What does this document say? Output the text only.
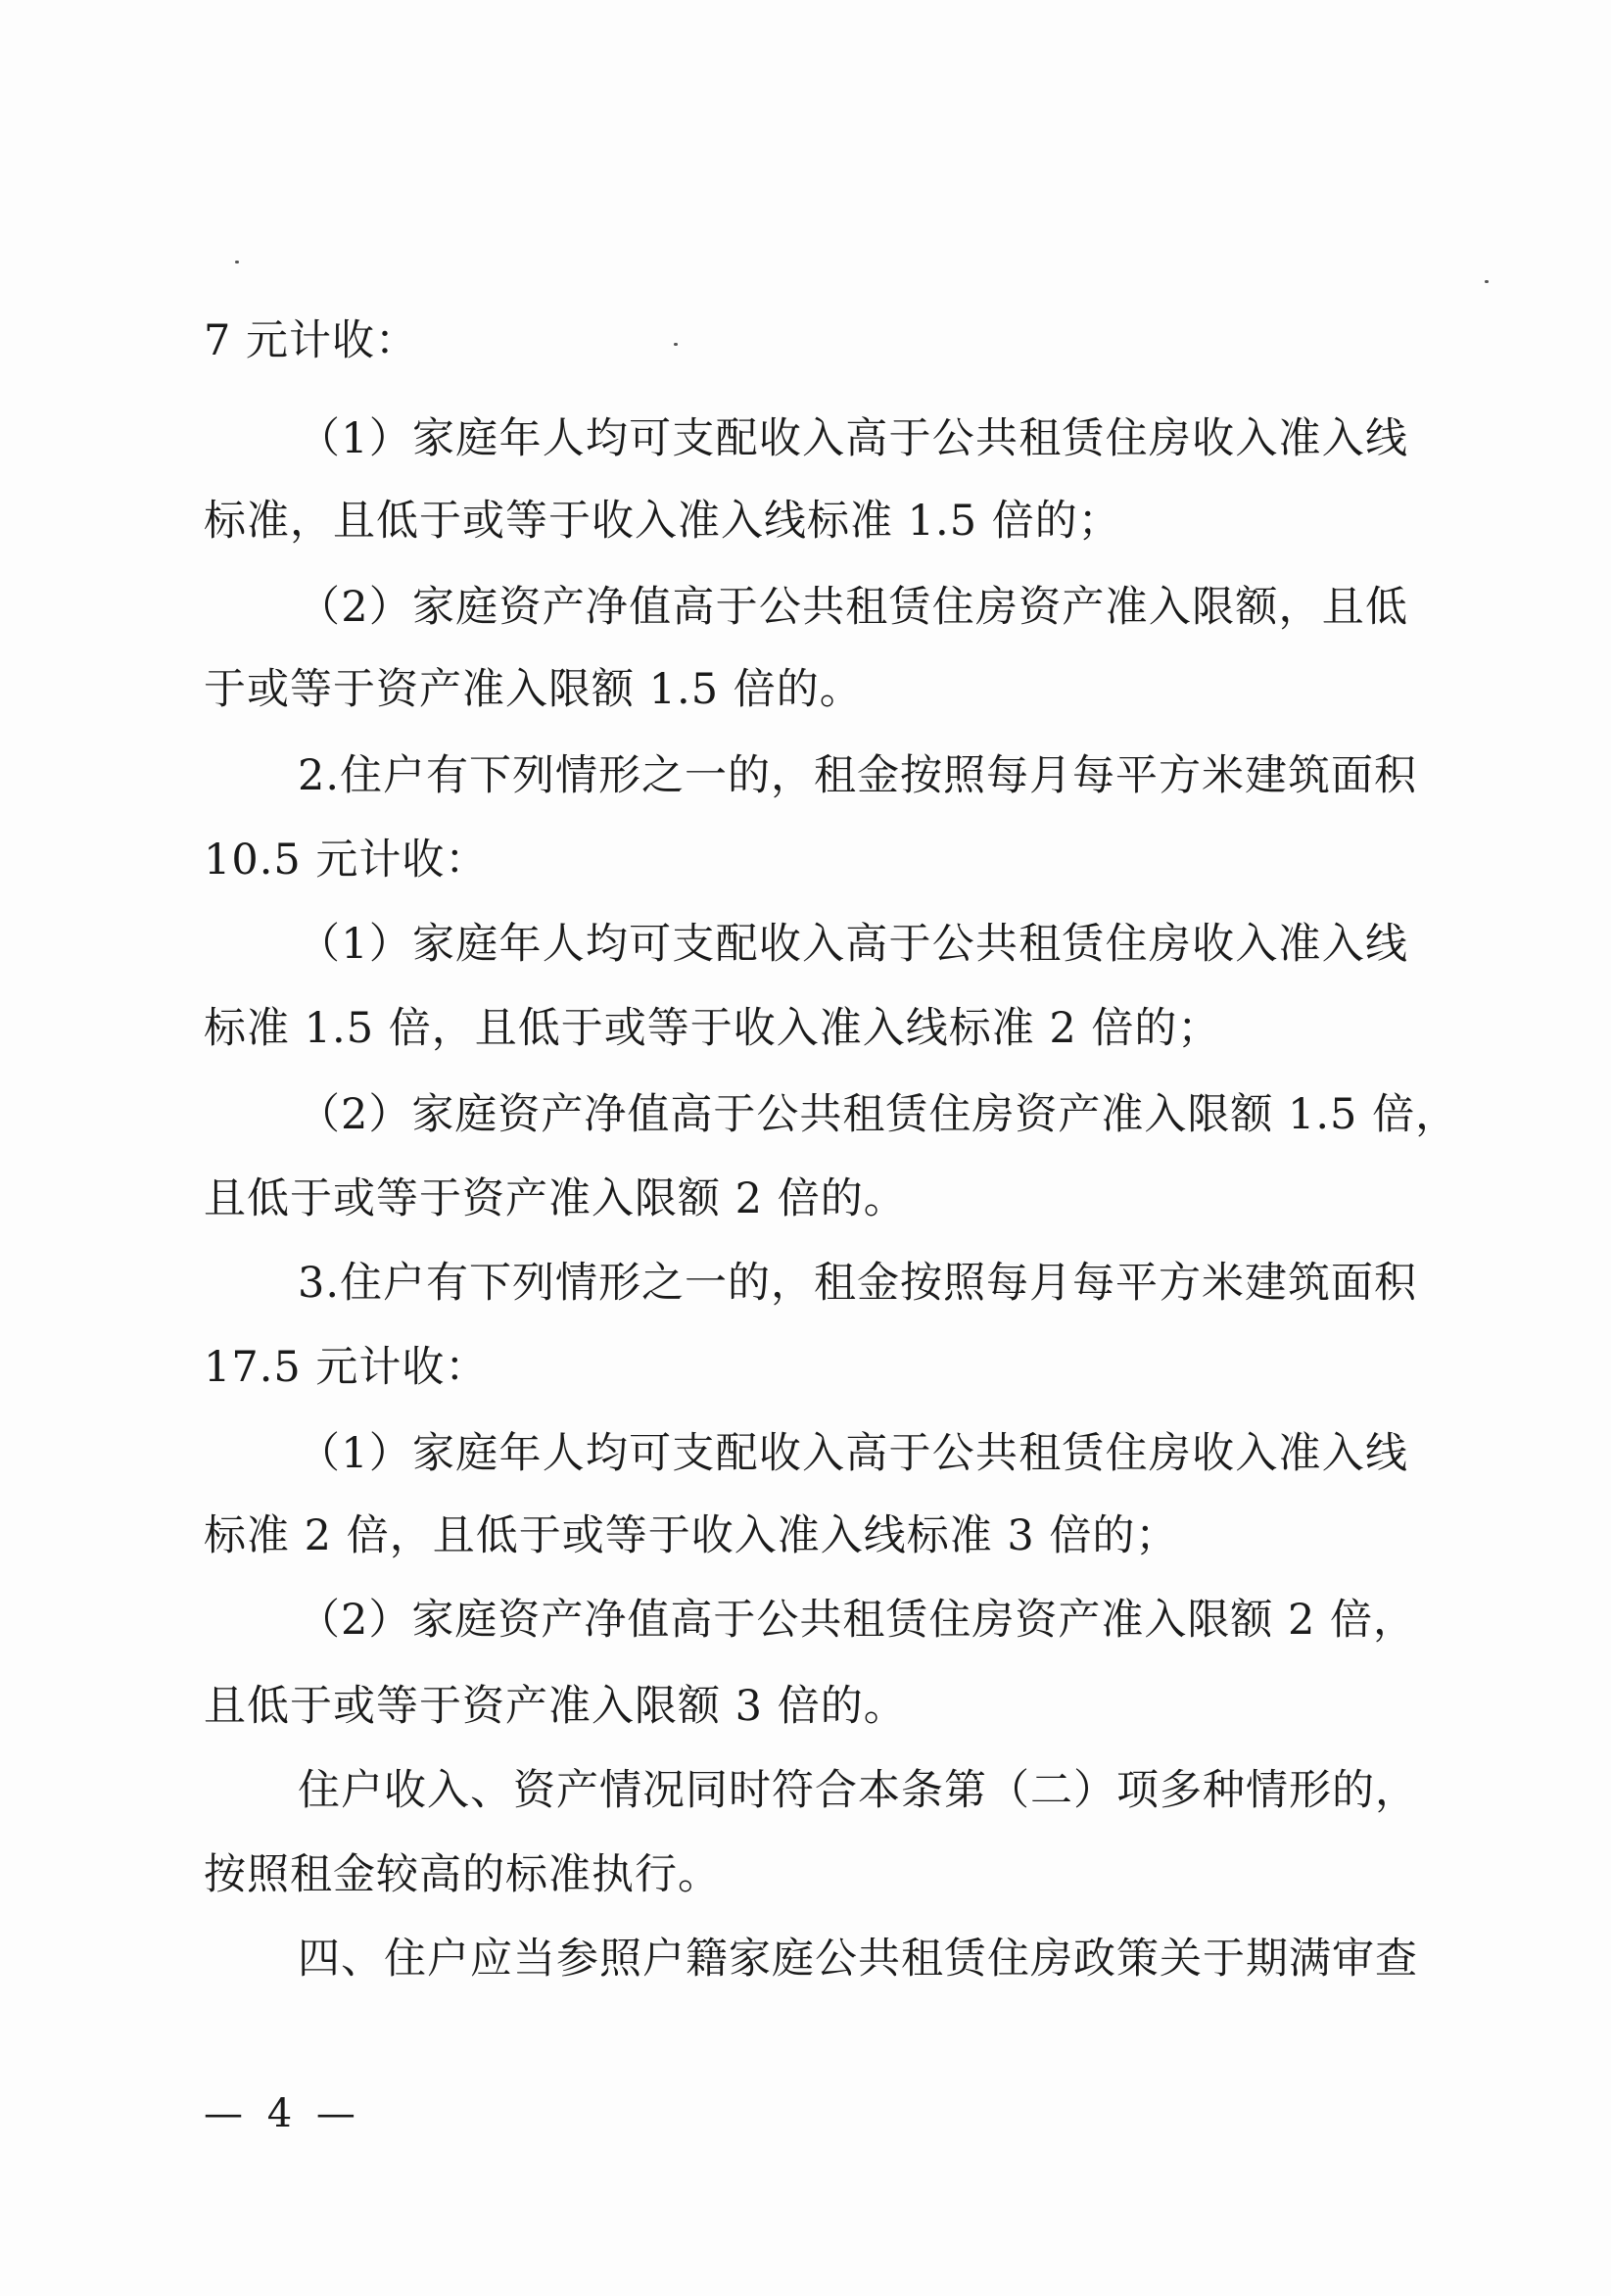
7 元计收：
（1）家庭年人均可支配收入高于公共租赁住房收入准入线
标准，且低于或等于收入准入线标准 1.5 倍的；
（2）家庭资产净值高于公共租赁住房资产准入限额，且低
于或等于资产准入限额 1.5 倍的。
2.住户有下列情形之一的，租金按照每月每平方米建筑面积
10.5 元计收：
（1）家庭年人均可支配收入高于公共租赁住房收入准入线
标准 1.5 倍，且低于或等于收入准入线标准 2 倍的；
（2）家庭资产净值高于公共租赁住房资产准入限额 1.5 倍，
且低于或等于资产准入限额 2 倍的。
3.住户有下列情形之一的，租金按照每月每平方米建筑面积
17.5 元计收：
（1）家庭年人均可支配收入高于公共租赁住房收入准入线
标准 2 倍，且低于或等于收入准入线标准 3 倍的；
（2）家庭资产净值高于公共租赁住房资产准入限额 2 倍，
且低于或等于资产准入限额 3 倍的。
住户收入、资产情况同时符合本条第（二）项多种情形的，
按照租金较高的标准执行。
四、住户应当参照户籍家庭公共租赁住房政策关于期满审查
— 4 —
